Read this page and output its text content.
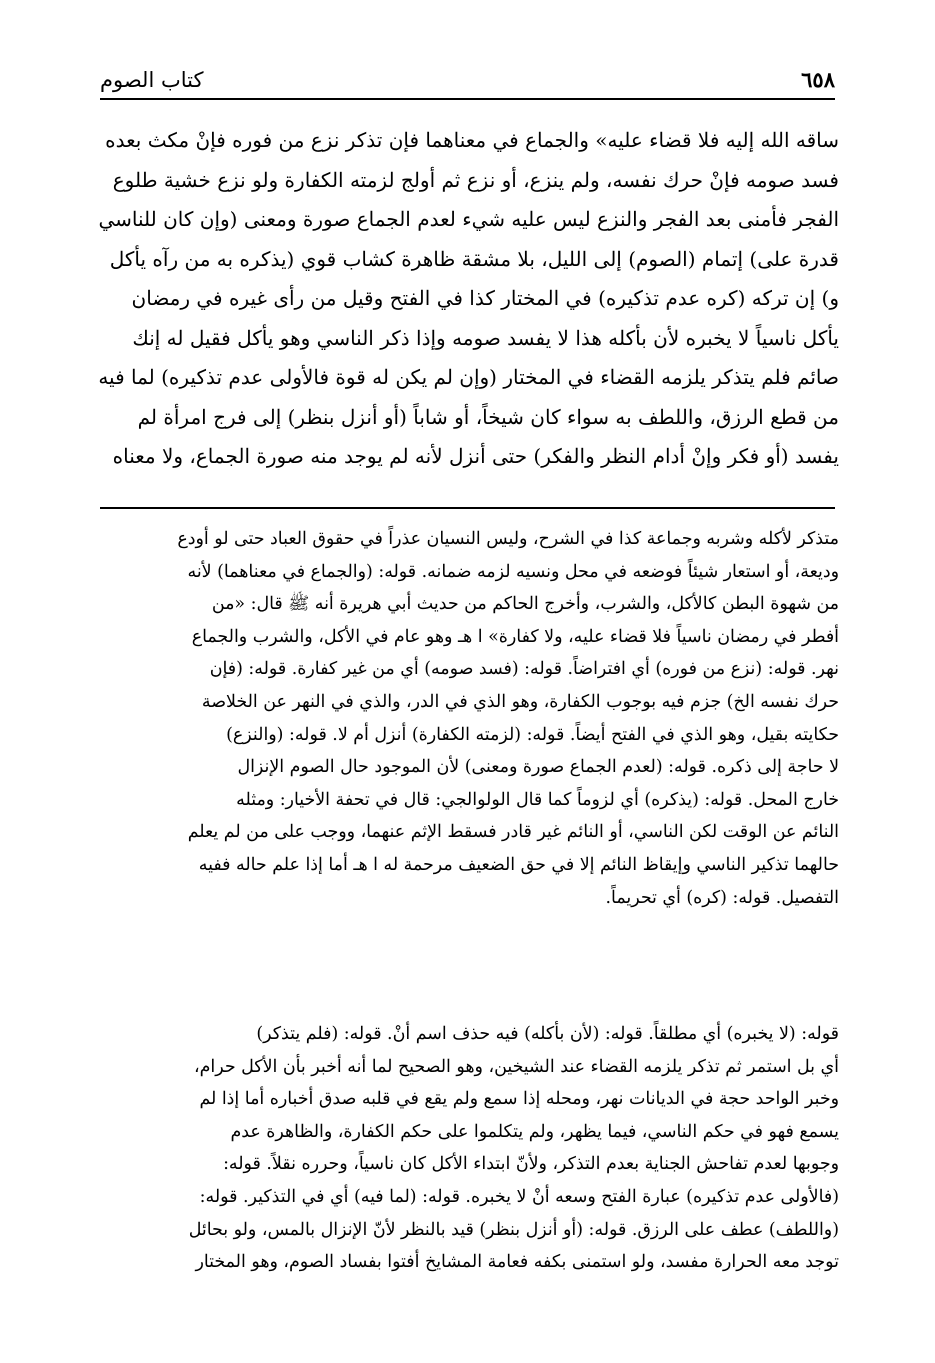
٦٥٨
كتاب الصوم

ساقه الله إليه فلا قضاء عليه» والجماع في معناهما فإن تذكر نزع من فوره فإنْ مكث بعده

فسد صومه فإنْ حرك نفسه، ولم ينزع، أو نزع ثم أولج لزمته الكفارة ولو نزع خشية طلوع

الفجر فأمنى بعد الفجر والنزع ليس عليه شيء لعدم الجماع صورة ومعنى (وإن كان للناسي

قدرة على) إتمام (الصوم) إلى الليل، بلا مشقة ظاهرة كشاب قوي (يذكره به من رآه يأكل

و) إن تركه (كره عدم تذكيره) في المختار كذا في الفتح وقيل من رأى غيره في رمضان

يأكل ناسياً لا يخبره لأن بأكله هذا لا يفسد صومه وإذا ذكر الناسي وهو يأكل فقيل له إنك

صائم فلم يتذكر يلزمه القضاء في المختار (وإن لم يكن له قوة فالأولى عدم تذكيره) لما فيه

من قطع الرزق، واللطف به سواء كان شيخاً، أو شاباً (أو أنزل بنظر) إلى فرج امرأة لم

يفسد (أو فكر وإنْ أدام النظر والفكر) حتى أنزل لأنه لم يوجد منه صورة الجماع، ولا معناه

متذكر لأكله وشربه وجماعة كذا في الشرح، وليس النسيان عذراً في حقوق العباد حتى لو أودع

وديعة، أو استعار شيئاً فوضعه في محل ونسيه لزمه ضمانه. قوله: (والجماع في معناهما) لأنه

من شهوة البطن كالأكل، والشرب، وأخرج الحاكم من حديث أبي هريرة أنه ﷺ قال: «من

أفطر في رمضان ناسياً فلا قضاء عليه، ولا كفارة» ا هـ وهو عام في الأكل، والشرب والجماع

نهر. قوله: (نزع من فوره) أي افتراضاً. قوله: (فسد صومه) أي من غير كفارة. قوله: (فإن

حرك نفسه الخ) جزم فيه بوجوب الكفارة، وهو الذي في الدر، والذي في النهر عن الخلاصة

حكايته بقيل، وهو الذي في الفتح أيضاً. قوله: (لزمته الكفارة) أنزل أم لا. قوله: (والنزع)

لا حاجة إلى ذكره. قوله: (لعدم الجماع صورة ومعنى) لأن الموجود حال الصوم الإنزال

خارج المحل. قوله: (يذكره) أي لزوماً كما قال الولوالجي: قال في تحفة الأخيار: ومثله

النائم عن الوقت لكن الناسي، أو النائم غير قادر فسقط الإثم عنهما، ووجب على من لم يعلم

حالهما تذكير الناسي وإيقاظ النائم إلا في حق الضعيف مرحمة له ا هـ أما إذا علم حاله ففيه

التفصيل. قوله: (كره) أي تحريماً.

قوله: (لا يخبره) أي مطلقاً. قوله: (لأن بأكله) فيه حذف اسم أنْ. قوله: (فلم يتذكر)

أي بل استمر ثم تذكر يلزمه القضاء عند الشيخين، وهو الصحيح لما أنه أخبر بأن الأكل حرام،

وخبر الواحد حجة في الديانات نهر، ومحله إذا سمع ولم يقع في قلبه صدق أخباره أما إذا لم

يسمع فهو في حكم الناسي، فيما يظهر، ولم يتكلموا على حكم الكفارة، والظاهرة عدم

وجوبها لعدم تفاحش الجناية بعدم التذكر، ولأنّ ابتداء الأكل كان ناسياً، وحرره نقلاً. قوله:

(فالأولى عدم تذكيره) عبارة الفتح وسعه أنْ لا يخبره. قوله: (لما فيه) أي في التذكير. قوله:

(واللطف) عطف على الرزق. قوله: (أو أنزل بنظر) قيد بالنظر لأنّ الإنزال بالمس، ولو بحائل

توجد معه الحرارة مفسد، ولو استمنى بكفه فعامة المشايخ أفتوا بفساد الصوم، وهو المختار
